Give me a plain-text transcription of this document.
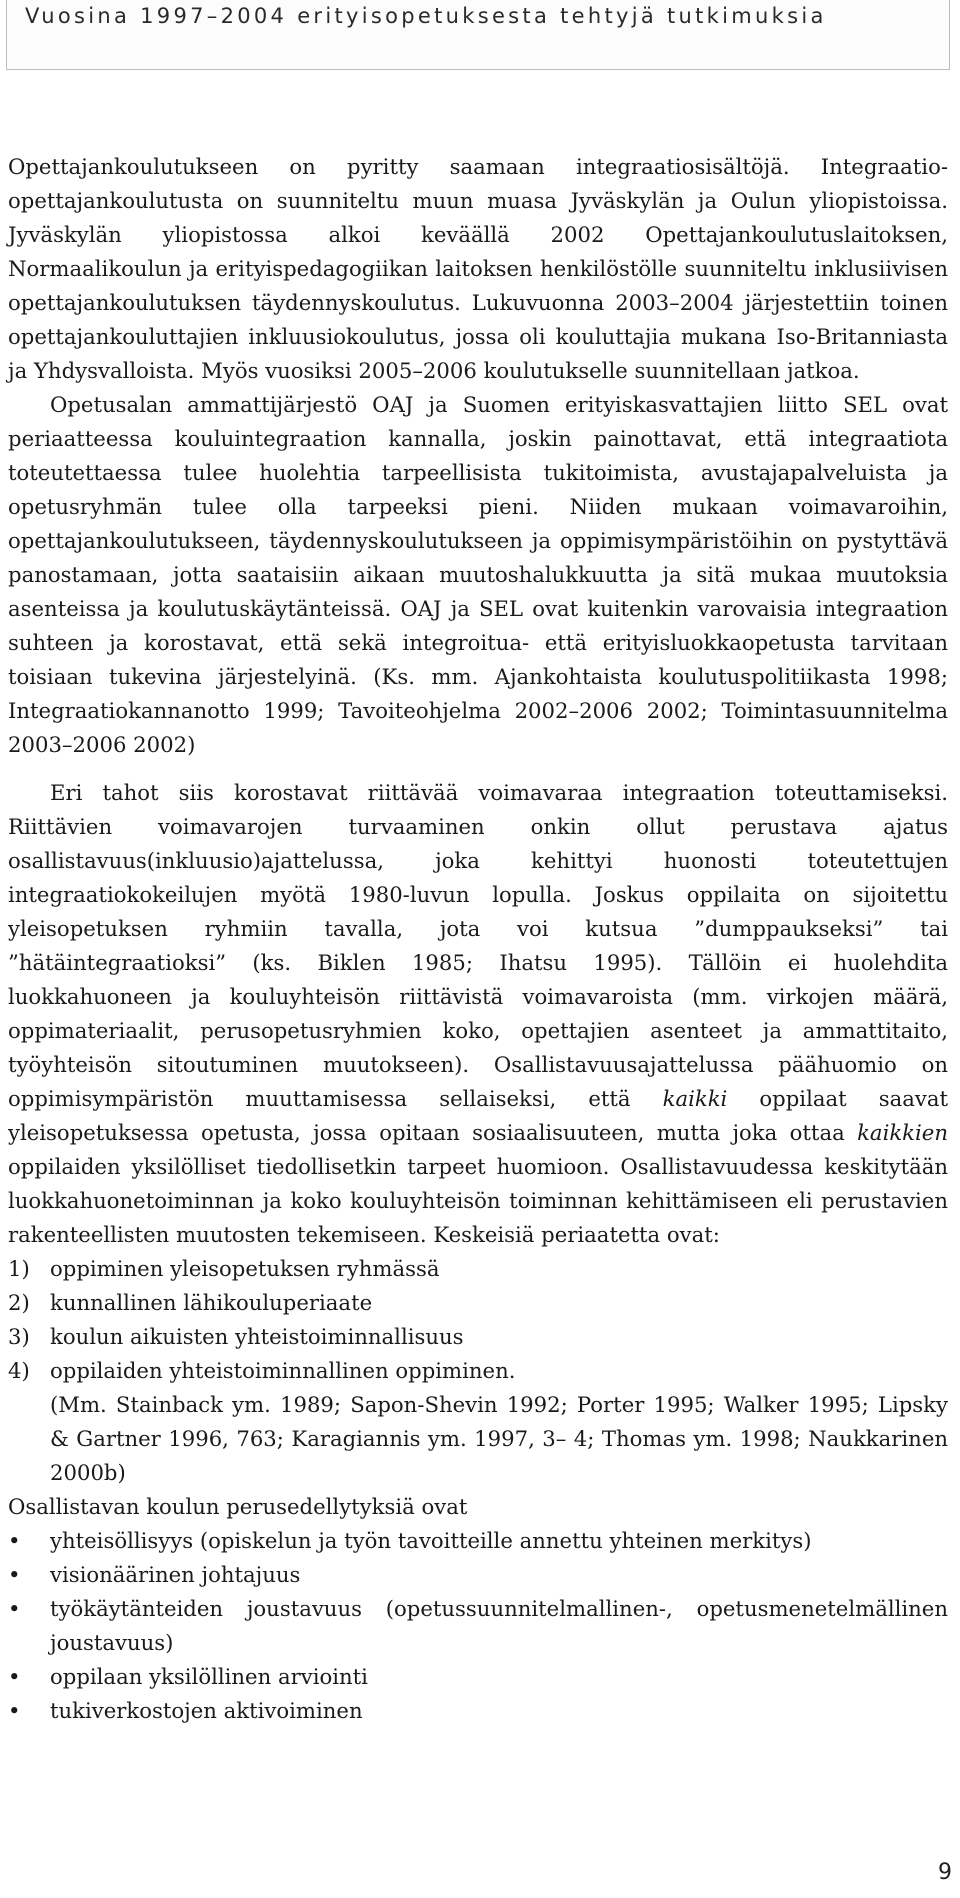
Vuosina 1997–2004 erityisopetuksesta tehtyjä tutkimuksia

Opettajankoulutukseen on pyritty saamaan integraatiosisältöjä. Integraatio-opettajankoulutusta on suunniteltu muun muasa Jyväskylän ja Oulun yliopistoissa. Jyväskylän yliopistossa alkoi keväällä 2002 Opettajankoulutuslaitoksen, Normaalikoulun ja erityispedagogiikan laitoksen henkilöstölle suunniteltu inklusiivisen opettajankoulutuksen täydennyskoulutus. Lukuvuonna 2003–2004 järjestettiin toinen opettajankouluttajien inkluusiokoulutus, jossa oli kouluttajia mukana Iso-Britanniasta ja Yhdysvalloista. Myös vuosiksi 2005–2006 koulutukselle suunnitellaan jatkoa.

Opetusalan ammattijärjestö OAJ ja Suomen erityiskasvattajien liitto SEL ovat periaatteessa kouluintegraation kannalla, joskin painottavat, että integraatiota toteutettaessa tulee huolehtia tarpeellisista tukitoimista, avustajapalveluista ja opetusryhmän tulee olla tarpeeksi pieni. Niiden mukaan voimavaroihin, opettajankoulutukseen, täydennyskoulutukseen ja oppimisympäristöihin on pystyttävä panostamaan, jotta saataisiin aikaan muutoshalukkuutta ja sitä mukaa muutoksia asenteissa ja koulutuskäytänteissä. OAJ ja SEL ovat kuitenkin varovaisia integraation suhteen ja korostavat, että sekä integroitua- että erityisluokkaopetusta tarvitaan toisiaan tukevina järjestelyinä. (Ks. mm. Ajankohtaista koulutuspolitiikasta 1998; Integraatiokannanotto 1999; Tavoiteohjelma 2002–2006 2002; Toimintasuunnitelma 2003–2006 2002)

Eri tahot siis korostavat riittävää voimavaraa integraation toteuttamiseksi. Riittävien voimavarojen turvaaminen onkin ollut perustava ajatus osallistavuus(inkluusio)ajattelussa, joka kehittyi huonosti toteutettujen integraatiokokeilujen myötä 1980-luvun lopulla. Joskus oppilaita on sijoitettu yleisopetuksen ryhmiin tavalla, jota voi kutsua ”dumppaukseksi” tai ”hätäintegraatioksi” (ks. Biklen 1985; Ihatsu 1995). Tällöin ei huolehdita luokkahuoneen ja kouluyhteisön riittävistä voimavaroista (mm. virkojen määrä, oppimateriaalit, perusopetusryhmien koko, opettajien asenteet ja ammattitaito, työyhteisön sitoutuminen muutokseen). Osallistavuusajattelussa päähuomio on oppimisympäristön muuttamisessa sellaiseksi, että kaikki oppilaat saavat yleisopetuksessa opetusta, jossa opitaan sosiaalisuuteen, mutta joka ottaa kaikkien oppilaiden yksilölliset tiedollisetkin tarpeet huomioon. Osallistavuudessa keskitytään luokkahuonetoiminnan ja koko kouluyhteisön toiminnan kehittämiseen eli perustavien rakenteellisten muutosten tekemiseen. Keskeisiä periaatetta ovat:

1) oppiminen yleisopetuksen ryhmässä
2) kunnallinen lähikouluperiaate
3) koulun aikuisten yhteistoiminnallisuus
4) oppilaiden yhteistoiminnallinen oppiminen.

(Mm. Stainback ym. 1989; Sapon-Shevin 1992; Porter 1995; Walker 1995; Lipsky & Gartner 1996, 763; Karagiannis ym. 1997, 3– 4; Thomas ym. 1998; Naukkarinen 2000b)

Osallistavan koulun perusedellytyksiä ovat

• yhteisöllisyys (opiskelun ja työn tavoitteille annettu yhteinen merkitys)
• visionäärinen johtajuus
• työkäytänteiden joustavuus (opetussuunnitelmallinen-, opetusmenetelmällinen joustavuus)
• oppilaan yksilöllinen arviointi
• tukiverkostojen aktivoiminen
9
